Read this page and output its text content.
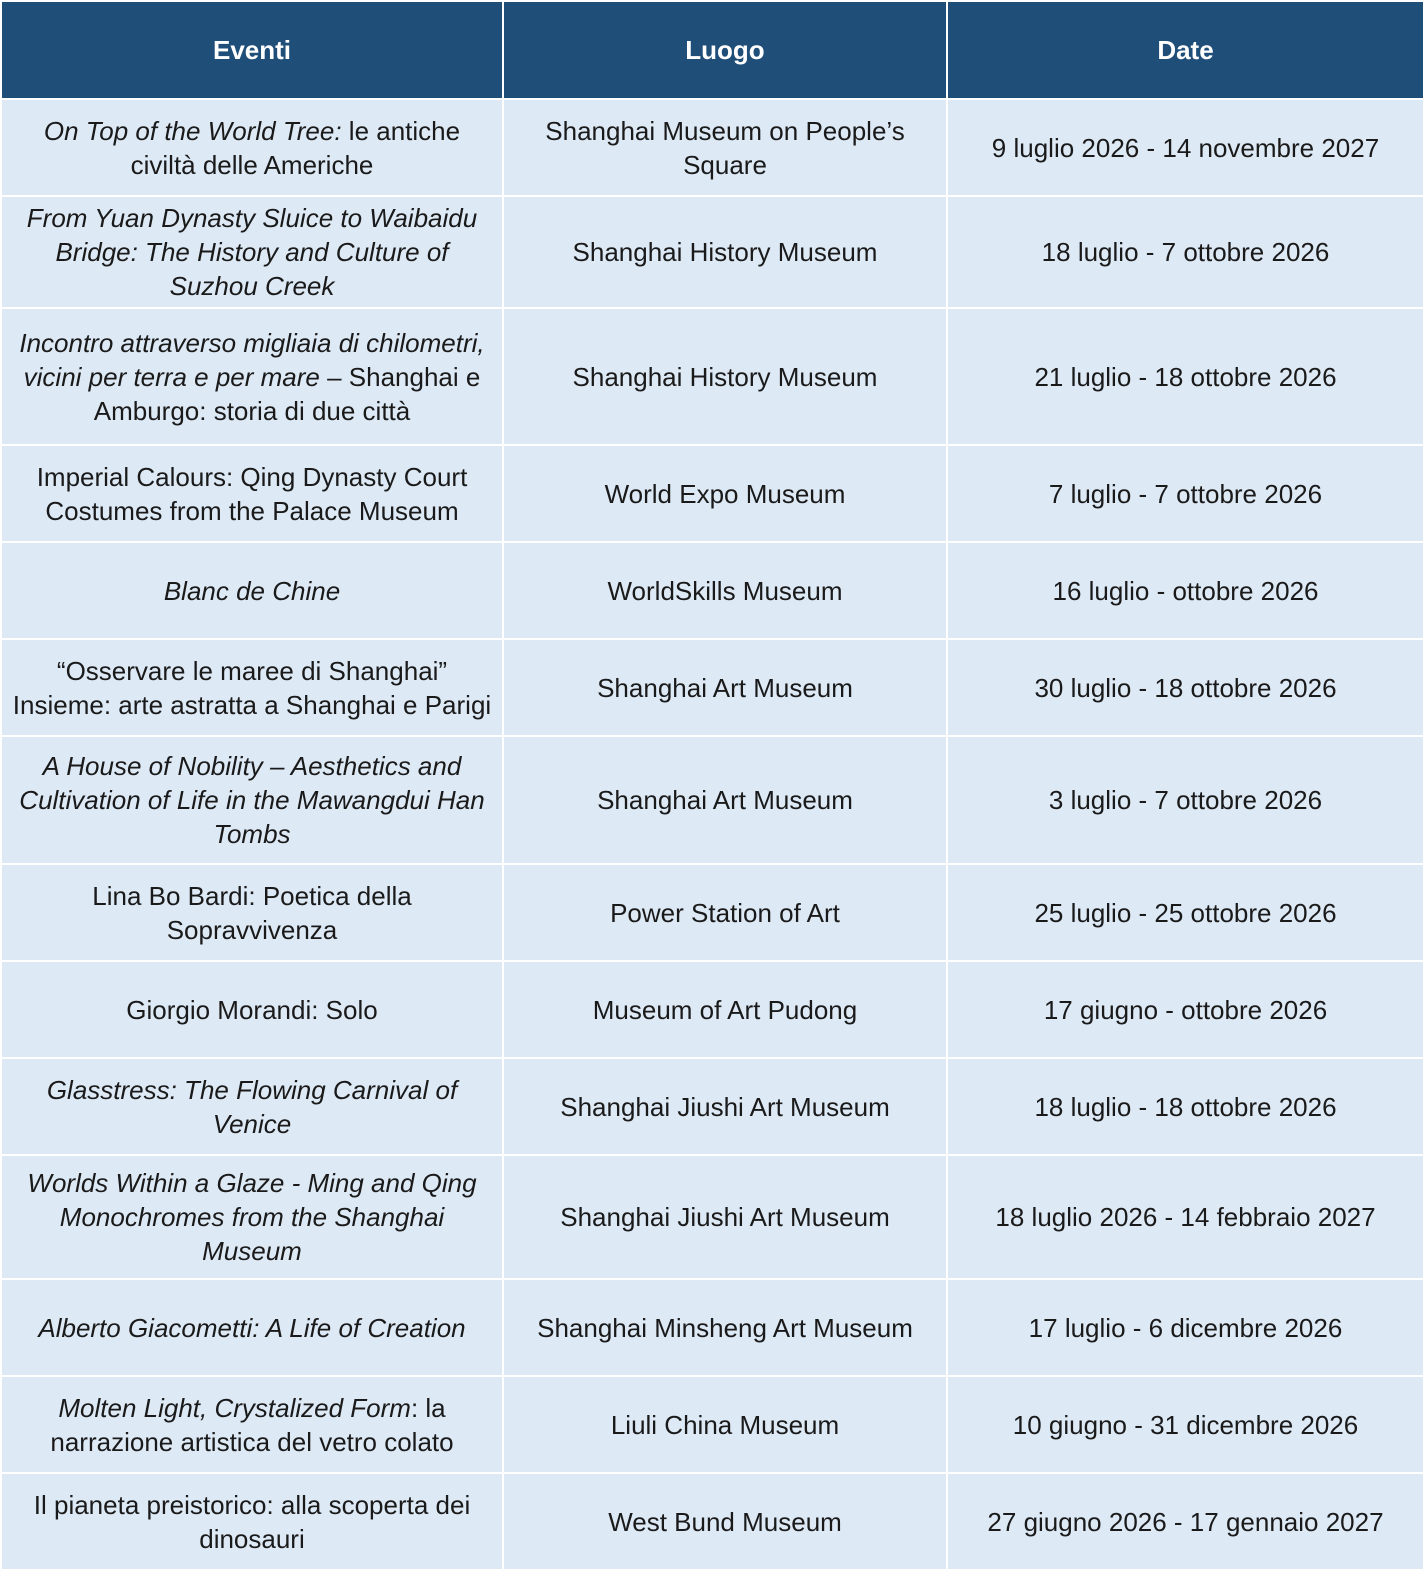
Eventi	Luogo	Date
On Top of the World Tree: le antiche civiltà delle Americhe	Shanghai Museum on People’s Square	9 luglio 2026 - 14 novembre 2027
From Yuan Dynasty Sluice to Waibaidu Bridge: The History and Culture of Suzhou Creek	Shanghai History Museum	18 luglio - 7 ottobre 2026
Incontro attraverso migliaia di chilometri, vicini per terra e per mare – Shanghai e Amburgo: storia di due città	Shanghai History Museum	21 luglio - 18 ottobre 2026
Imperial Calours: Qing Dynasty Court Costumes from the Palace Museum	World Expo Museum	7 luglio - 7 ottobre 2026
Blanc de Chine	WorldSkills Museum	16 luglio - ottobre 2026
“Osservare le maree di Shanghai” Insieme: arte astratta a Shanghai e Parigi	Shanghai Art Museum	30 luglio - 18 ottobre 2026
A House of Nobility – Aesthetics and Cultivation of Life in the Mawangdui Han Tombs	Shanghai Art Museum	3 luglio - 7 ottobre 2026
Lina Bo Bardi: Poetica della Sopravvivenza	Power Station of Art	25 luglio - 25 ottobre 2026
Giorgio Morandi: Solo	Museum of Art Pudong	17 giugno - ottobre 2026
Glasstress: The Flowing Carnival of Venice	Shanghai Jiushi Art Museum	18 luglio - 18 ottobre 2026
Worlds Within a Glaze - Ming and Qing Monochromes from the Shanghai Museum	Shanghai Jiushi Art Museum	18 luglio 2026 - 14 febbraio 2027
Alberto Giacometti: A Life of Creation	Shanghai Minsheng Art Museum	17 luglio - 6 dicembre 2026
Molten Light, Crystalized Form: la narrazione artistica del vetro colato	Liuli China Museum	10 giugno - 31 dicembre 2026
Il pianeta preistorico: alla scoperta dei dinosauri	West Bund Museum	27 giugno 2026 - 17 gennaio 2027
